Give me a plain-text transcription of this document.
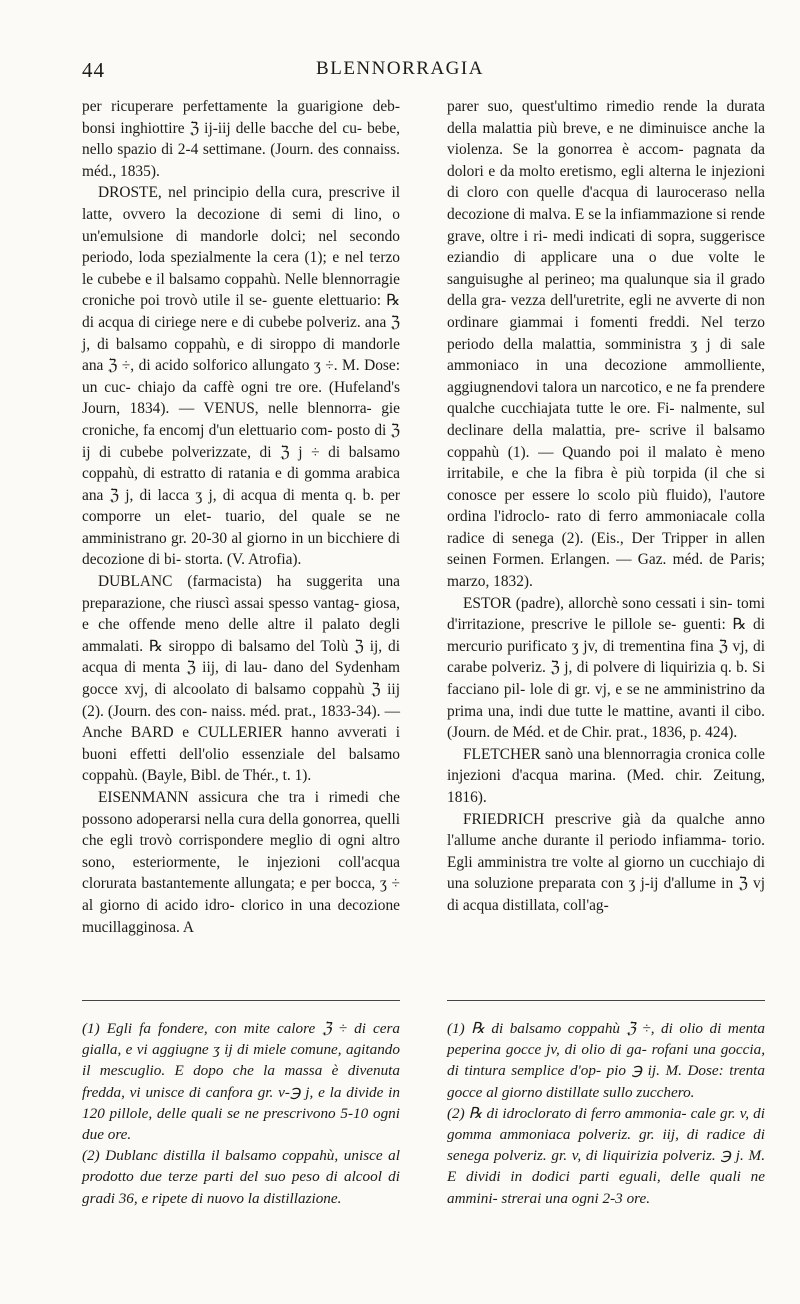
44	BLENNORRAGIA

per ricuperare perfettamente la guarigione deb- bonsi inghiottire ℨ ij-iij delle bacche del cu- bebe, nello spazio di 2-4 settimane. (Journ. des connaiss. méd., 1835).

DROSTE, nel principio della cura, prescrive il latte, ovvero la decozione di semi di lino, o un'emulsione di mandorle dolci; nel secondo periodo, loda spezialmente la cera (1); e nel terzo le cubebe e il balsamo coppahù. Nelle blennorragie croniche poi trovò utile il se- guente elettuario: ℞ di acqua di ciriege nere e di cubebe polveriz. ana ℨ j, di balsamo coppahù, e di siroppo di mandorle ana ℨ ÷, di acido solforico allungato ʒ ÷. M. Dose: un cuc- chiajo da caffè ogni tre ore. (Hufeland's Journ, 1834). — VENUS, nelle blennorra- gie croniche, fa encomj d'un elettuario com- posto di ℨ ij di cubebe polverizzate, di ℨ j ÷ di balsamo coppahù, di estratto di ratania e di gomma arabica ana ℨ j, di lacca ʒ j, di acqua di menta q. b. per comporre un elet- tuario, del quale se ne amministrano gr. 20-30 al giorno in un bicchiere di decozione di bi- storta. (V. Atrofia).

DUBLANC (farmacista) ha suggerita una preparazione, che riuscì assai spesso vantag- giosa, e che offende meno delle altre il palato degli ammalati. ℞ siroppo di balsamo del Tolù ℨ ij, di acqua di menta ℨ iij, di lau- dano del Sydenham gocce xvj, di alcoolato di balsamo coppahù ℨ iij (2). (Journ. des con- naiss. méd. prat., 1833-34). — Anche BARD e CULLERIER hanno avverati i buoni effetti dell'olio essenziale del balsamo coppahù. (Bayle, Bibl. de Thér., t. 1).

EISENMANN assicura che tra i rimedi che possono adoperarsi nella cura della gonorrea, quelli che egli trovò corrispondere meglio di ogni altro sono, esteriormente, le injezioni coll'acqua clorurata bastantemente allungata; e per bocca, ʒ ÷ al giorno di acido idro- clorico in una decozione mucillagginosa. A

parer suo, quest'ultimo rimedio rende la durata della malattia più breve, e ne diminuisce anche la violenza. Se la gonorrea è accom- pagnata da dolori e da molto eretismo, egli alterna le injezioni di cloro con quelle d'acqua di lauroceraso nella decozione di malva. E se la infiammazione si rende grave, oltre i ri- medi indicati di sopra, suggerisce eziandio di applicare una o due volte le sanguisughe al perineo; ma qualunque sia il grado della gra- vezza dell'uretrite, egli ne avverte di non ordinare giammai i fomenti freddi. Nel terzo periodo della malattia, somministra ʒ j di sale ammoniaco in una decozione ammolliente, aggiugnendovi talora un narcotico, e ne fa prendere qualche cucchiajata tutte le ore. Fi- nalmente, sul declinare della malattia, pre- scrive il balsamo coppahù (1). — Quando poi il malato è meno irritabile, e che la fibra è più torpida (il che si conosce per essere lo scolo più fluido), l'autore ordina l'idroclo- rato di ferro ammoniacale colla radice di senega (2). (Eis., Der Tripper in allen seinen Formen. Erlangen. — Gaz. méd. de Paris; marzo, 1832).

ESTOR (padre), allorchè sono cessati i sin- tomi d'irritazione, prescrive le pillole se- guenti: ℞ di mercurio purificato ʒ jv, di trementina fina ℨ vj, di carabe polveriz. ℨ j, di polvere di liquirizia q. b. Si facciano pil- lole di gr. vj, e se ne amministrino da prima una, indi due tutte le mattine, avanti il cibo. (Journ. de Méd. et de Chir. prat., 1836, p. 424).

FLETCHER sanò una blennorragia cronica colle injezioni d'acqua marina. (Med. chir. Zeitung, 1816).

FRIEDRICH prescrive già da qualche anno l'allume anche durante il periodo infiamma- torio. Egli amministra tre volte al giorno un cucchiajo di una soluzione preparata con ʒ j-ij d'allume in ℨ vj di acqua distillata, coll'ag-

(1) Egli fa fondere, con mite calore ℨ ÷ di cera gialla, e vi aggiugne ʒ ij di miele comune, agitando il mescuglio. E dopo che la massa è divenuta fredda, vi unisce di canfora gr. v-℈ j, e la divide in 120 pillole, delle quali se ne prescrivono 5-10 ogni due ore.

(2) Dublanc distilla il balsamo coppahù, unisce al prodotto due terze parti del suo peso di alcool di gradi 36, e ripete di nuovo la distillazione.

(1) ℞ di balsamo coppahù ℨ ÷, di olio di menta peperina gocce jv, di olio di ga- rofani una goccia, di tintura semplice d'op- pio ℈ ij. M. Dose: trenta gocce al giorno distillate sullo zucchero.

(2) ℞ di idroclorato di ferro ammonia- cale gr. v, di gomma ammoniaca polveriz. gr. iij, di radice di senega polveriz. gr. v, di liquirizia polveriz. ℈ j. M. E dividi in dodici parti eguali, delle quali ne ammini- strerai una ogni 2-3 ore.
